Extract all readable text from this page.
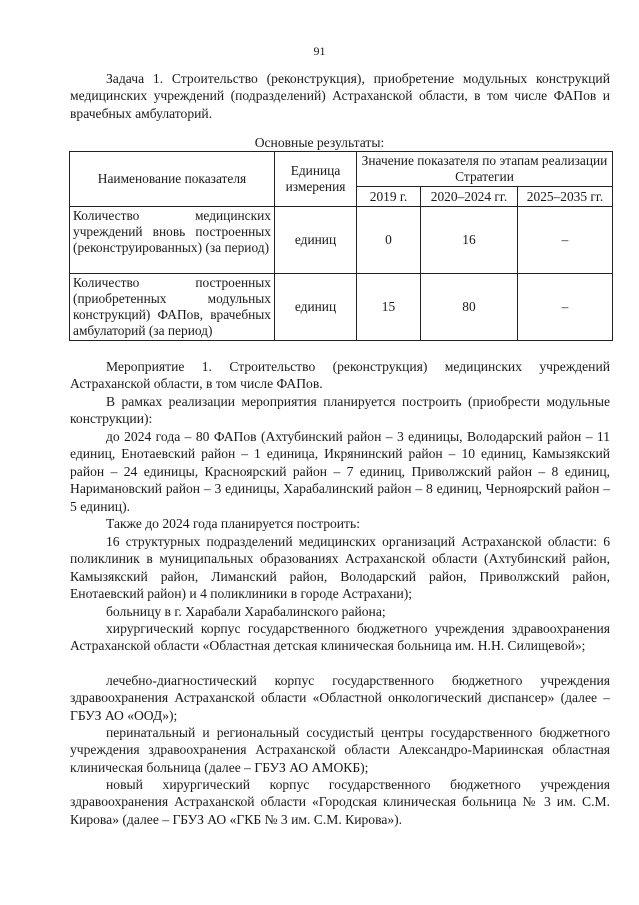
91

Задача 1. Строительство (реконструкция), приобретение модульных конструкций медицинских учреждений (подразделений) Астраханской области, в том числе ФАПов и врачебных амбулаторий.

Основные результаты:
Наименование показателя	Единица измерения	Значение показателя по этапам реализации Стратегии		
		2019 г.	2020–2024 гг.	2025–2035 гг.
Количество медицинских учреждений вновь построенных (реконструированных) (за период)	единиц	0	16	–
Количество построенных (приобретенных модульных конструкций) ФАПов, врачебных амбулаторий (за период)	единиц	15	80	–

Мероприятие 1. Строительство (реконструкция) медицинских учреждений Астраханской области, в том числе ФАПов.

В рамках реализации мероприятия планируется построить (приобрести модульные конструкции):

до 2024 года – 80 ФАПов (Ахтубинский район – 3 единицы, Володарский район – 11 единиц, Енотаевский район – 1 единица, Икрянинский район – 10 единиц, Камызякский район – 24 единицы, Красноярский район – 7 единиц, Приволжский район – 8 единиц, Наримановский район – 3 единицы, Харабалинский район – 8 единиц, Черноярский район – 5 единиц).

Также до 2024 года планируется построить:

16 структурных подразделений медицинских организаций Астраханской области: 6 поликлиник в муниципальных образованиях Астраханской области (Ахтубинский район, Камызякский район, Лиманский район, Володарский район, Приволжский район, Енотаевский район) и 4 поликлиники в городе Астрахани);

больницу в г. Харабали Харабалинского района;

хирургический корпус государственного бюджетного учреждения здравоохранения Астраханской области «Областная детская клиническая больница им. Н.Н. Силищевой»;

лечебно-диагностический корпус государственного бюджетного учреждения здравоохранения Астраханской области «Областной онкологический диспансер» (далее – ГБУЗ АО «ООД»);

перинатальный и региональный сосудистый центры государственного бюджетного учреждения здравоохранения Астраханской области Александро-Мариинская областная клиническая больница (далее – ГБУЗ АО АМОКБ);

новый хирургический корпус государственного бюджетного учреждения здравоохранения Астраханской области «Городская клиническая больница № 3 им. С.М. Кирова» (далее – ГБУЗ АО «ГКБ № 3 им. С.М. Кирова»).
